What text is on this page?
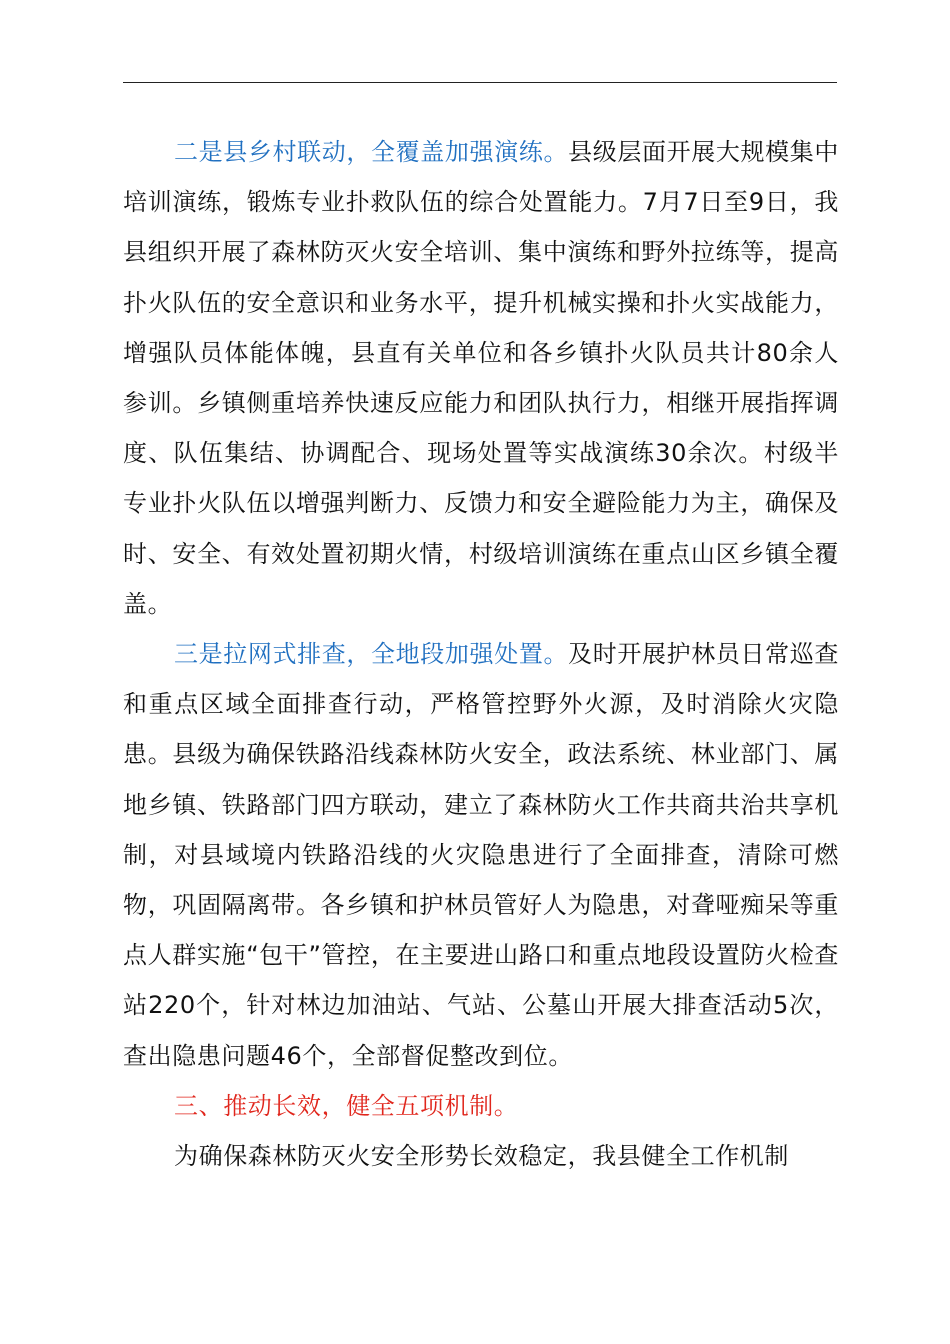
二是县乡村联动，全覆盖加强演练。县级层面开展大规模集中培训演练，锻炼专业扑救队伍的综合处置能力。7月7日至9日，我县组织开展了森林防灭火安全培训、集中演练和野外拉练等，提高扑火队伍的安全意识和业务水平，提升机械实操和扑火实战能力，增强队员体能体魄，县直有关单位和各乡镇扑火队员共计80余人参训。乡镇侧重培养快速反应能力和团队执行力，相继开展指挥调度、队伍集结、协调配合、现场处置等实战演练30余次。村级半专业扑火队伍以增强判断力、反馈力和安全避险能力为主，确保及时、安全、有效处置初期火情，村级培训演练在重点山区乡镇全覆盖。

三是拉网式排查，全地段加强处置。及时开展护林员日常巡查和重点区域全面排查行动，严格管控野外火源，及时消除火灾隐患。县级为确保铁路沿线森林防火安全，政法系统、林业部门、属地乡镇、铁路部门四方联动，建立了森林防火工作共商共治共享机制，对县域境内铁路沿线的火灾隐患进行了全面排查，清除可燃物，巩固隔离带。各乡镇和护林员管好人为隐患，对聋哑痴呆等重点人群实施“包干”管控，在主要进山路口和重点地段设置防火检查站220个，针对林边加油站、气站、公墓山开展大排查活动5次，查出隐患问题46个，全部督促整改到位。

三、推动长效，健全五项机制。

为确保森林防灭火安全形势长效稳定，我县健全工作机制
